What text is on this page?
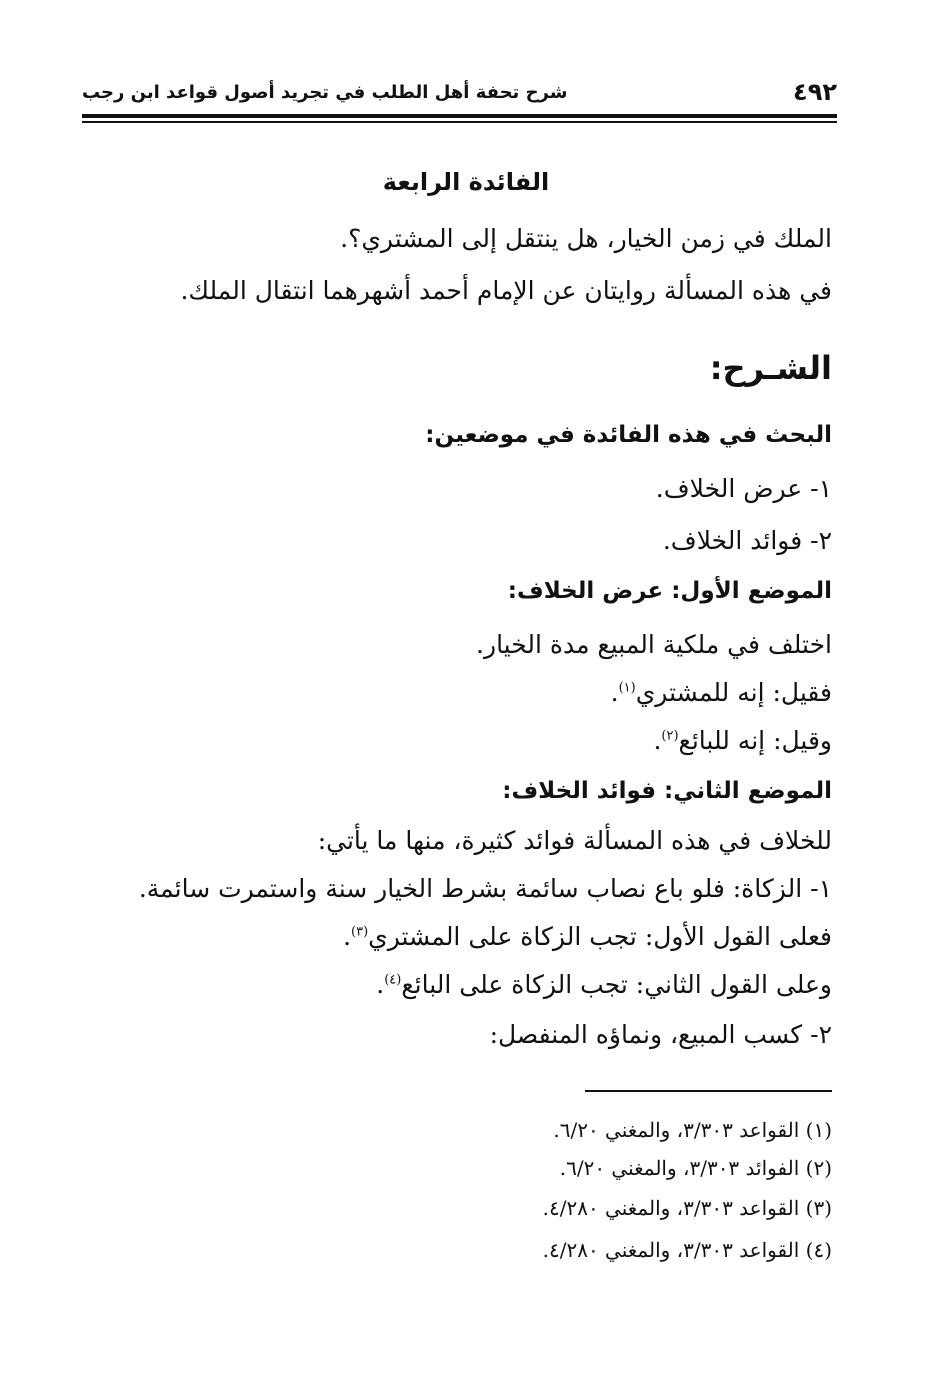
٤٩٢
شرح تحفة أهل الطلب في تجريد أصول قواعد ابن رجب
الفائدة الرابعة
الملك في زمن الخيار، هل ينتقل إلى المشتري؟.
في هذه المسألة روايتان عن الإمام أحمد أشهرهما انتقال الملك.
الشـرح:
البحث في هذه الفائدة في موضعين:
١- عرض الخلاف.
٢- فوائد الخلاف.
الموضع الأول: عرض الخلاف:
اختلف في ملكية المبيع مدة الخيار.
فقيل: إنه للمشتري$^{(١)}$.
وقيل: إنه للبائع$^{(٢)}$.
الموضع الثاني: فوائد الخلاف:
للخلاف في هذه المسألة فوائد كثيرة، منها ما يأتي:
١- الزكاة: فلو باع نصاب سائمة بشرط الخيار سنة واستمرت سائمة.
فعلى القول الأول: تجب الزكاة على المشتري$^{(٣)}$.
وعلى القول الثاني: تجب الزكاة على البائع$^{(٤)}$.
٢- كسب المبيع، ونماؤه المنفصل:
(١) القواعد ٣/٣٠٣، والمغني ٦/٢٠.
(٢) الفوائد ٣/٣٠٣، والمغني ٦/٢٠.
(٣) القواعد ٣/٣٠٣، والمغني ٤/٢٨٠.
(٤) القواعد ٣/٣٠٣، والمغني ٤/٢٨٠.
